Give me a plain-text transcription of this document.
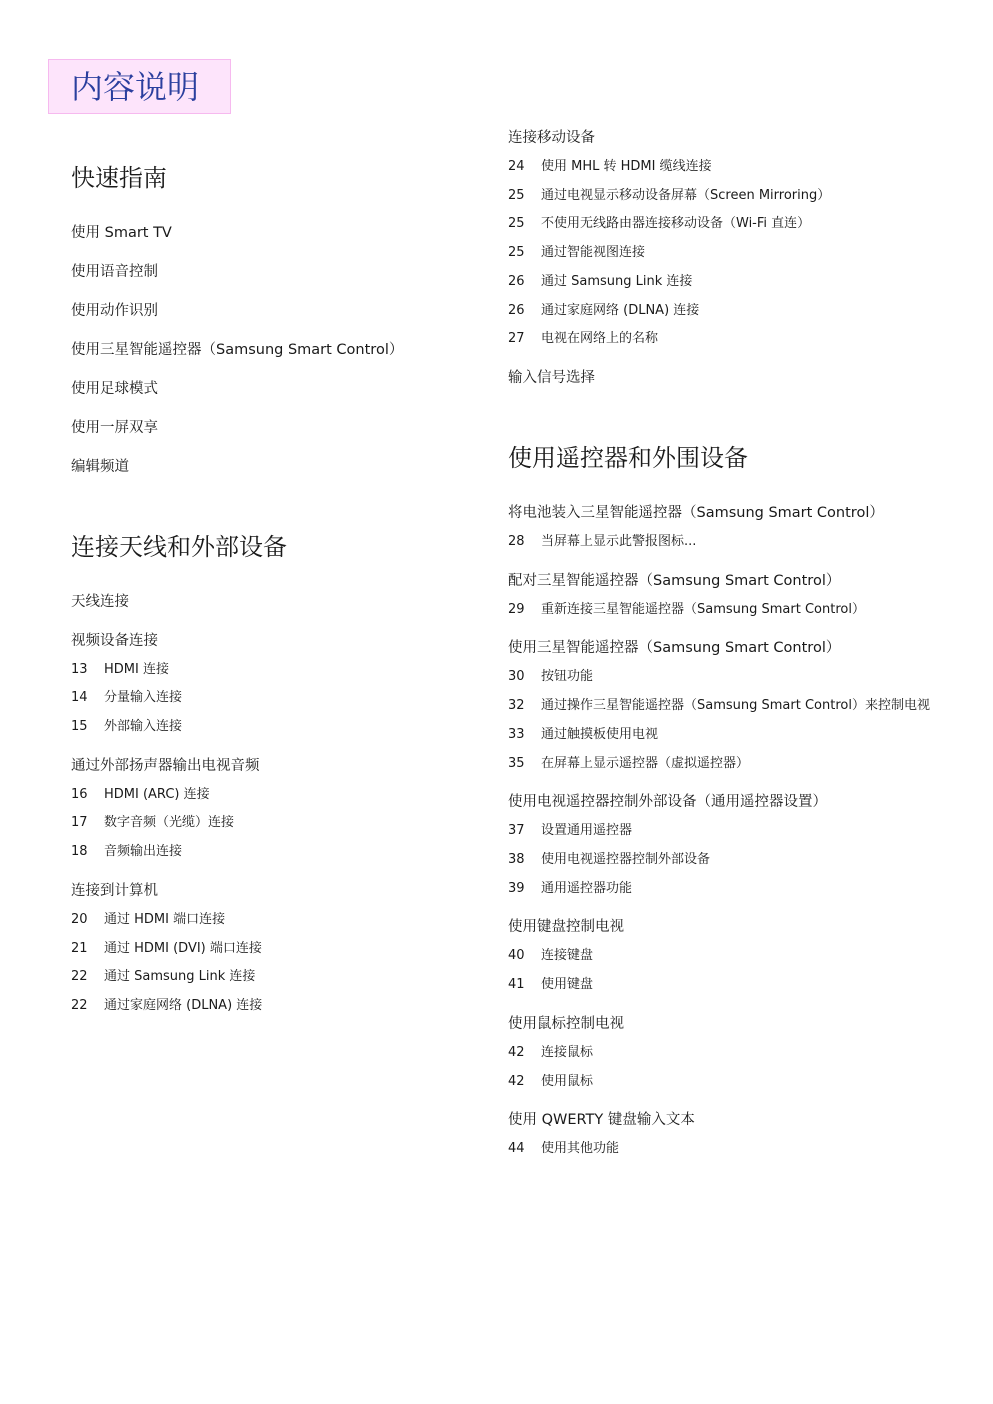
内容说明
快速指南
使用 Smart TV
使用语音控制
使用动作识别
使用三星智能遥控器（Samsung Smart Control）
使用足球模式
使用一屏双享
编辑频道
连接天线和外部设备
天线连接
视频设备连接
13 HDMI 连接
14 分量输入连接
15 外部输入连接
通过外部扬声器输出电视音频
16 HDMI (ARC) 连接
17 数字音频（光缆）连接
18 音频输出连接
连接到计算机
20 通过 HDMI 端口连接
21 通过 HDMI (DVI) 端口连接
22 通过 Samsung Link 连接
22 通过家庭网络 (DLNA) 连接
连接移动设备
24 使用 MHL 转 HDMI 缆线连接
25 通过电视显示移动设备屏幕（Screen Mirroring）
25 不使用无线路由器连接移动设备（Wi-Fi 直连）
25 通过智能视图连接
26 通过 Samsung Link 连接
26 通过家庭网络 (DLNA) 连接
27 电视在网络上的名称
输入信号选择
使用遥控器和外围设备
将电池装入三星智能遥控器（Samsung Smart Control）
28 当屏幕上显示此警报图标...
配对三星智能遥控器（Samsung Smart Control）
29 重新连接三星智能遥控器（Samsung Smart Control）
使用三星智能遥控器（Samsung Smart Control）
30 按钮功能
32 通过操作三星智能遥控器（Samsung Smart Control）来控制电视
33 通过触摸板使用电视
35 在屏幕上显示遥控器（虚拟遥控器）
使用电视遥控器控制外部设备（通用遥控器设置）
37 设置通用遥控器
38 使用电视遥控器控制外部设备
39 通用遥控器功能
使用键盘控制电视
40 连接键盘
41 使用键盘
使用鼠标控制电视
42 连接鼠标
42 使用鼠标
使用 QWERTY 键盘输入文本
44 使用其他功能
